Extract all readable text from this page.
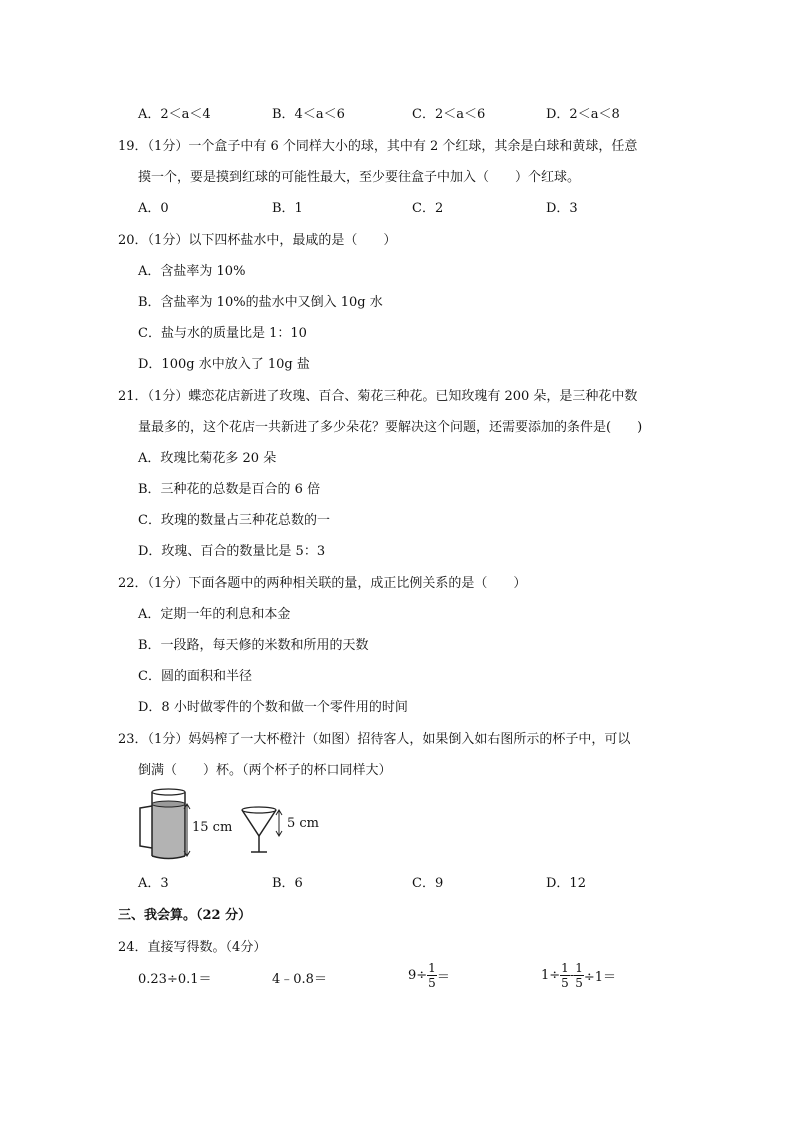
A．2＜a＜4	B．4＜a＜6	C．2＜a＜6	D．2＜a＜8
19．（1分）一个盒子中有 6 个同样大小的球，其中有 2 个红球，其余是白球和黄球，任意
摸一个，要是摸到红球的可能性最大，至少要往盒子中加入（　　）个红球。
A．0	B．1	C．2	D．3
20．（1分）以下四杯盐水中，最咸的是（　　）
A．含盐率为 10%
B．含盐率为 10%的盐水中又倒入 10g 水
C．盐与水的质量比是 1：10
D．100g 水中放入了 10g 盐
21．（1分）蝶恋花店新进了玫瑰、百合、菊花三种花。已知玫瑰有 200 朵，是三种花中数
量最多的，这个花店一共新进了多少朵花？要解决这个问题，还需要添加的条件是(　　)
A．玫瑰比菊花多 20 朵
B．三种花的总数是百合的 6 倍
C．玫瑰的数量占三种花总数的一
D．玫瑰、百合的数量比是 5：3
22．（1分）下面各题中的两种相关联的量，成正比例关系的是（　　）
A．定期一年的利息和本金
B．一段路，每天修的米数和所用的天数
C．圆的面积和半径
D．8 小时做零件的个数和做一个零件用的时间
23．（1分）妈妈榨了一大杯橙汁（如图）招待客人，如果倒入如右图所示的杯子中，可以
倒满（　　）杯。（两个杯子的杯口同样大）
15 cm	5 cm
A．3	B．6	C．9	D．12
三、我会算。（22 分）
24．直接写得数。（4分）
0.23÷0.1＝	4﹣0.8＝	$9\div \frac{1}{5}$ ＝	$1\div \frac{1}{5} - \frac{1}{5} \div 1=$
